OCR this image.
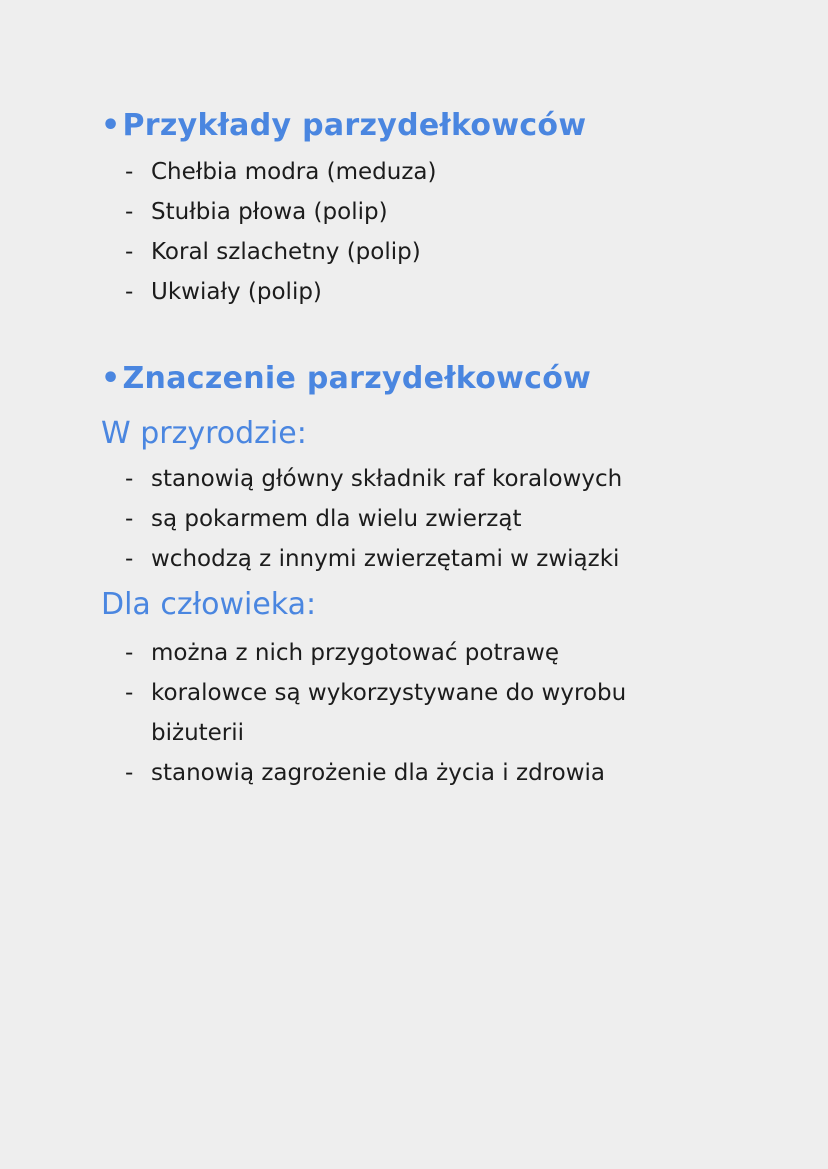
•Przykłady parzydełkowców
- Chełbia modra (meduza)
- Stułbia płowa (polip)
- Koral szlachetny (polip)
- Ukwiały (polip)
•Znaczenie parzydełkowców
W przyrodzie:
- stanowią główny składnik raf koralowych
- są pokarmem dla wielu zwierząt
- wchodzą z innymi zwierzętami w związki
Dla człowieka:
- można z nich przygotować potrawę
- koralowce są wykorzystywane do wyrobu
biżuterii
- stanowią zagrożenie dla życia i zdrowia
